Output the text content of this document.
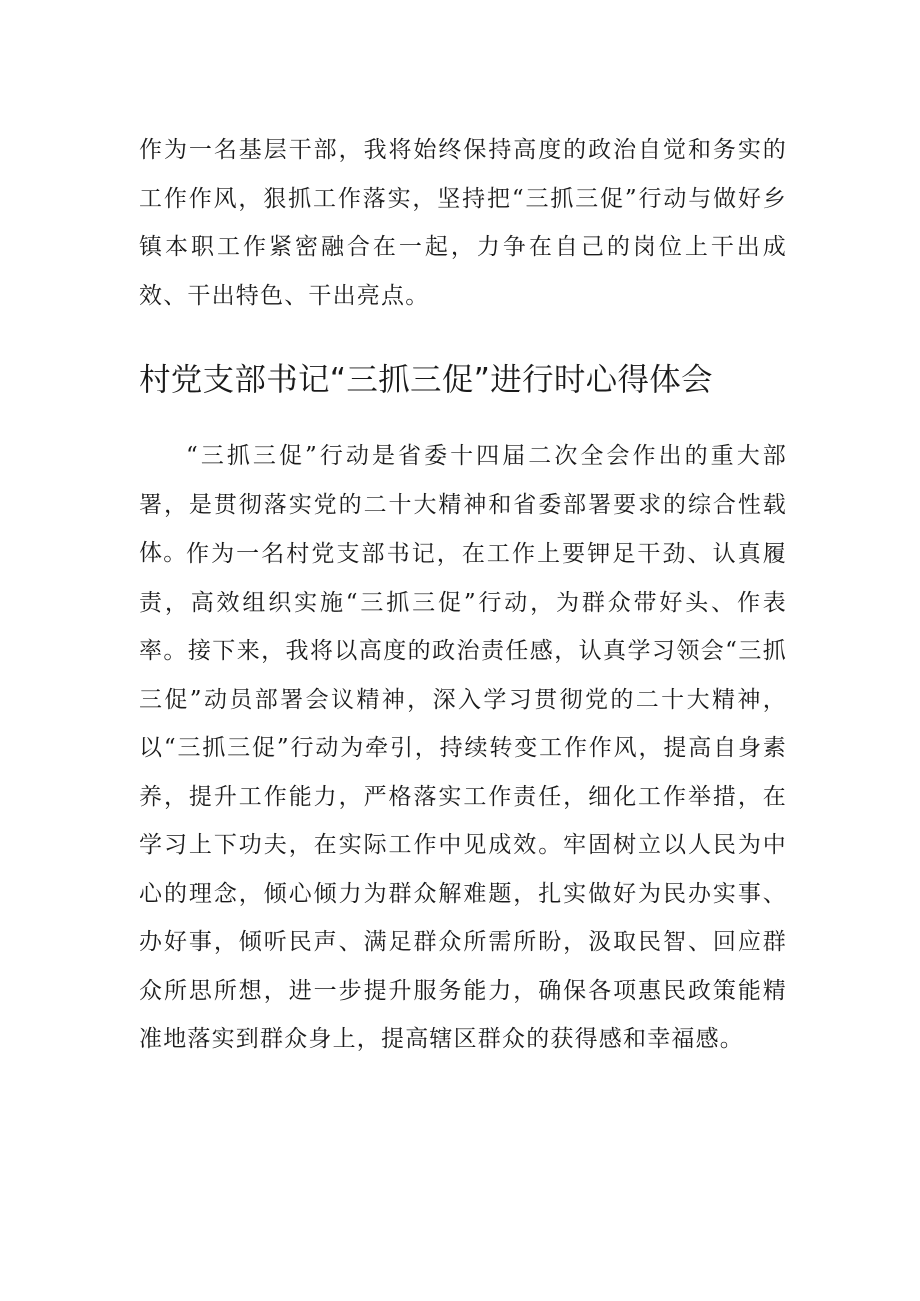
作为一名基层干部，我将始终保持高度的政治自觉和务实的工作作风，狠抓工作落实，坚持把“三抓三促”行动与做好乡镇本职工作紧密融合在一起，力争在自己的岗位上干出成效、干出特色、干出亮点。

村党支部书记“三抓三促”进行时心得体会

“三抓三促”行动是省委十四届二次全会作出的重大部署，是贯彻落实党的二十大精神和省委部署要求的综合性载体。

作为一名村党支部书记，在工作上要钾足干劲、认真履责，高效组织实施“三抓三促”行动，为群众带好头、作表率。接下来，我将以高度的政治责任感，认真学习领会“三抓三促”动员部署会议精神，深入学习贯彻党的二十大精神，以“三抓三促”行动为牵引，持续转变工作作风，提高自身素养，提升工作能力，严格落实工作责任，细化工作举措，在学习上下功夫，在实际工作中见成效。牢固树立以人民为中心的理念，倾心倾力为群众解难题，扎实做好为民办实事、办好事，倾听民声、满足群众所需所盼，汲取民智、回应群众所思所想，进一步提升服务能力，确保各项惠民政策能精准地落实到群众身上，提高辖区群众的获得感和幸福感。
